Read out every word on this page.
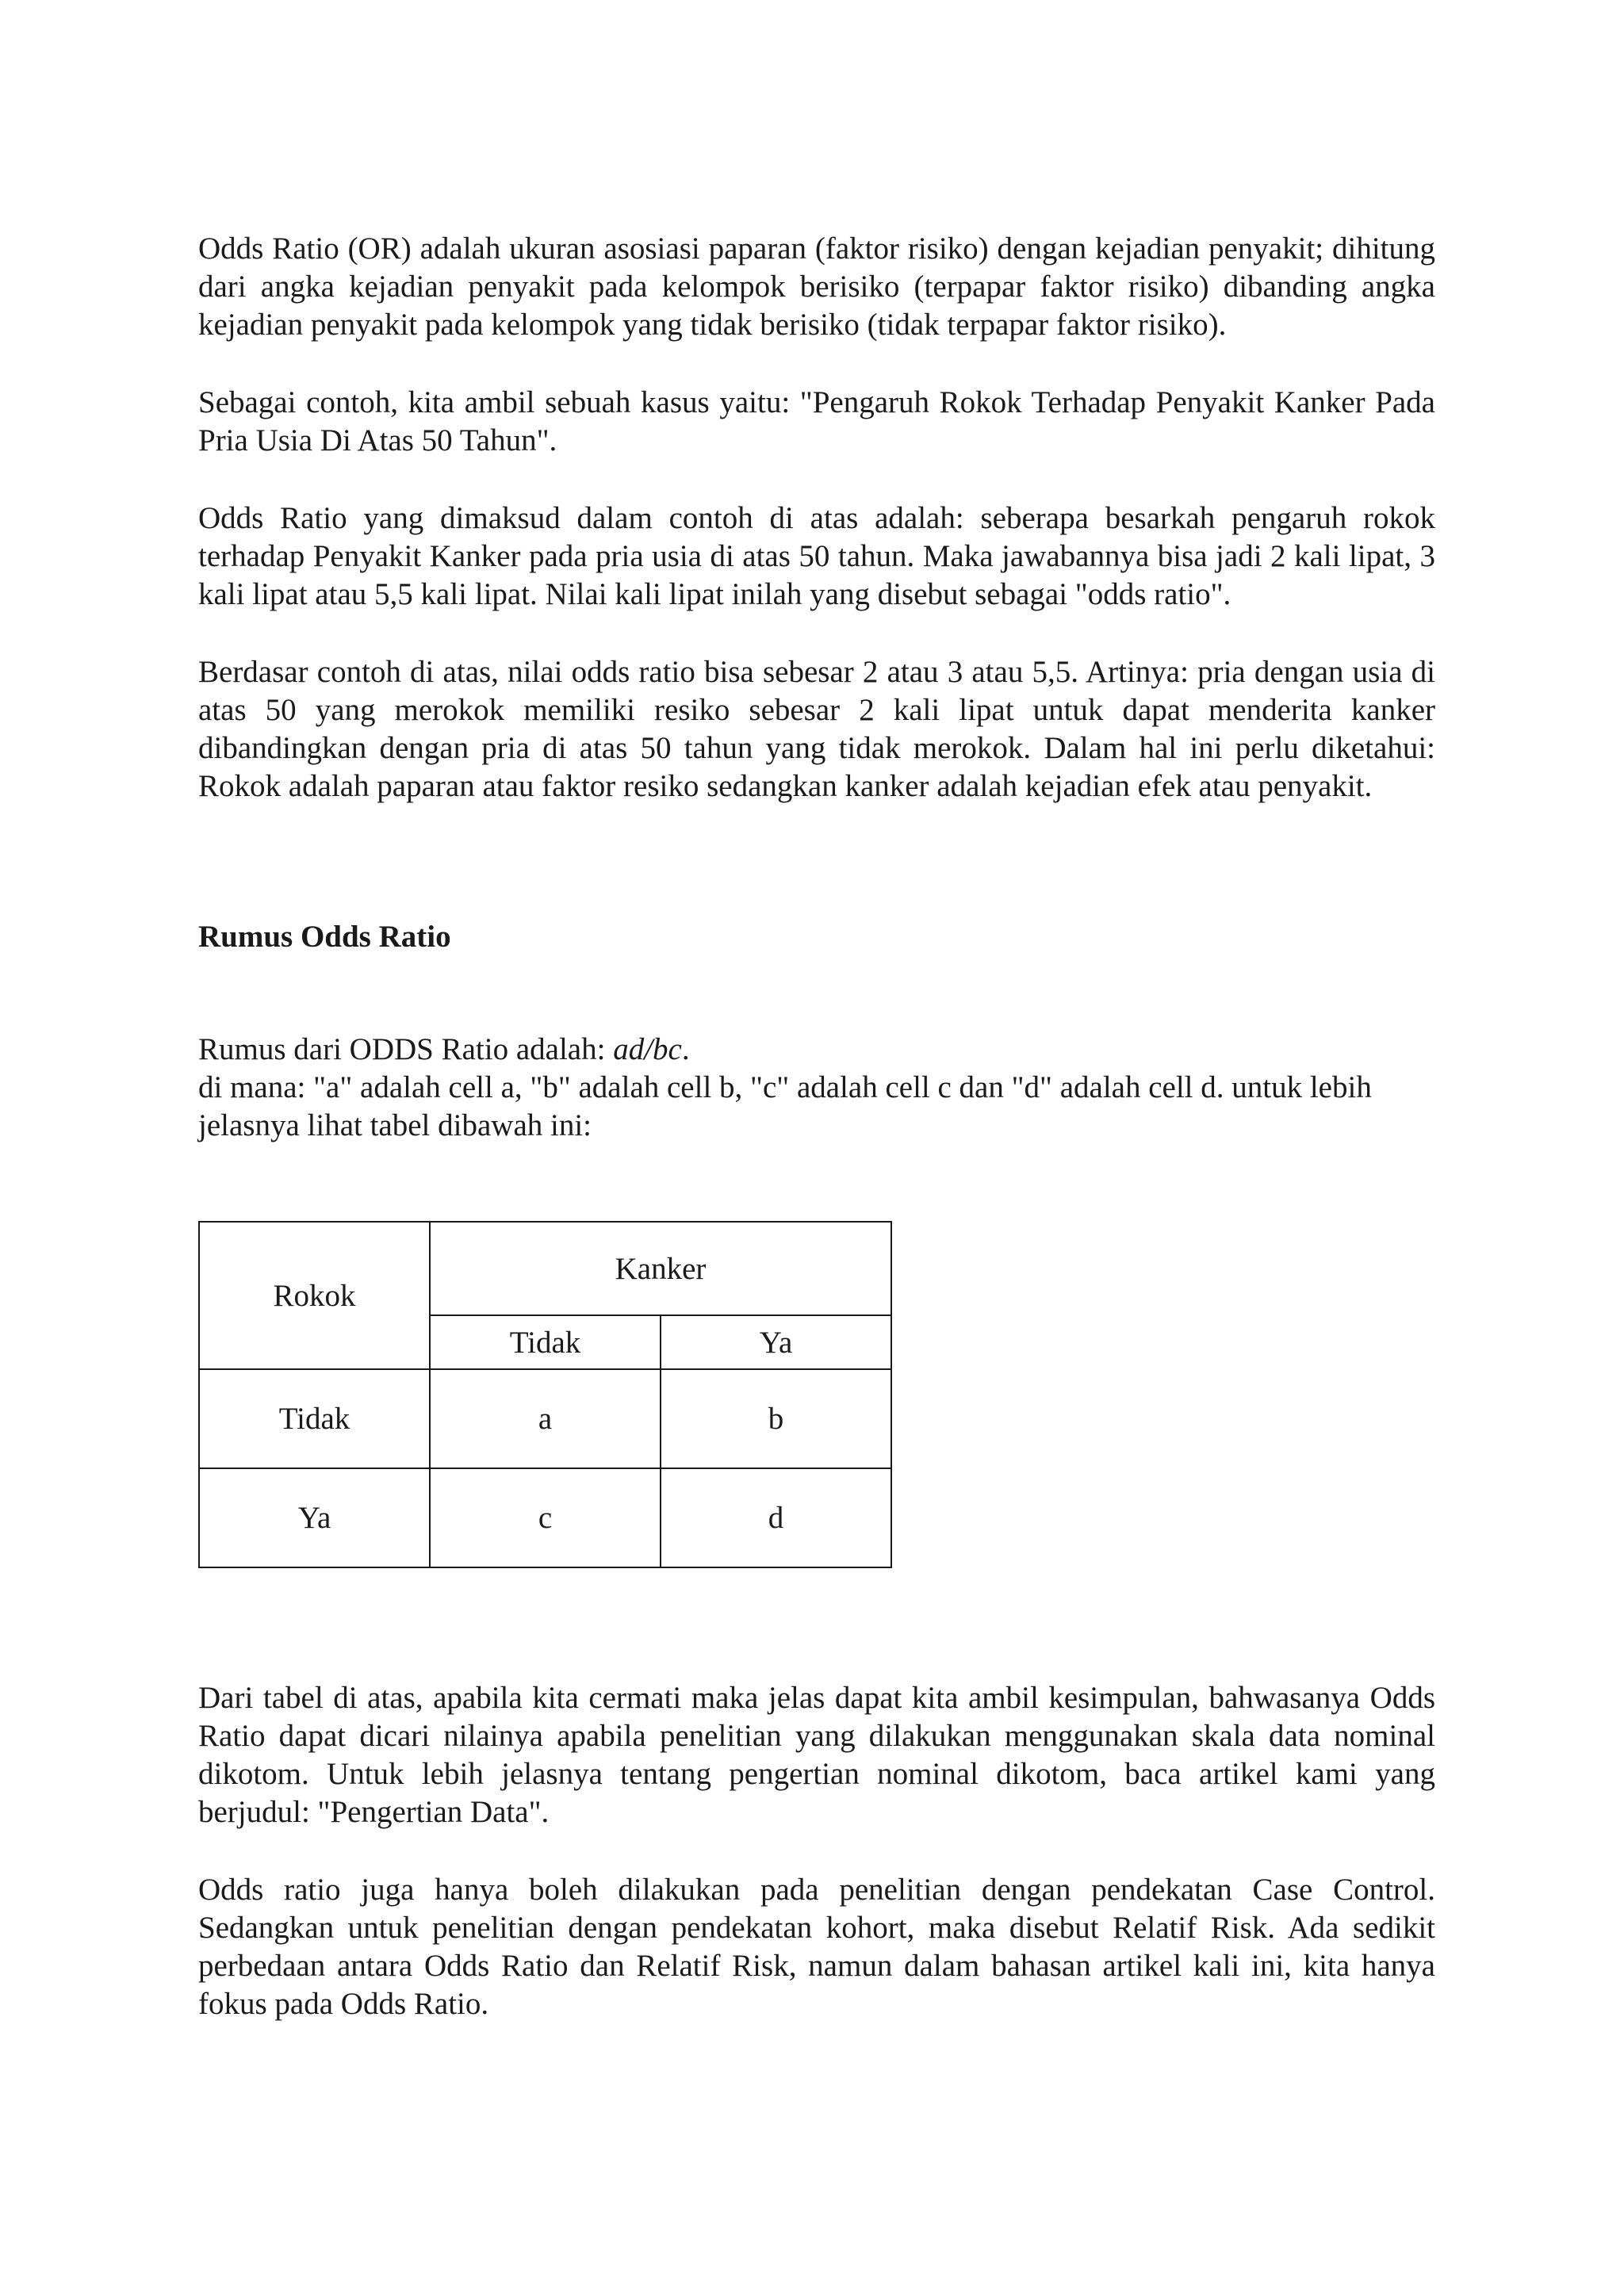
Odds Ratio (OR) adalah ukuran asosiasi paparan (faktor risiko) dengan kejadian penyakit; dihitung dari angka kejadian penyakit pada kelompok berisiko (terpapar faktor risiko) dibanding angka kejadian penyakit pada kelompok yang tidak berisiko (tidak terpapar faktor risiko).

Sebagai contoh, kita ambil sebuah kasus yaitu: "Pengaruh Rokok Terhadap Penyakit Kanker Pada Pria Usia Di Atas 50 Tahun".

Odds Ratio yang dimaksud dalam contoh di atas adalah: seberapa besarkah pengaruh rokok terhadap Penyakit Kanker pada pria usia di atas 50 tahun. Maka jawabannya bisa jadi 2 kali lipat, 3 kali lipat atau 5,5 kali lipat. Nilai kali lipat inilah yang disebut sebagai "odds ratio".

Berdasar contoh di atas, nilai odds ratio bisa sebesar 2 atau 3 atau 5,5. Artinya: pria dengan usia di atas 50 yang merokok memiliki resiko sebesar 2 kali lipat untuk dapat menderita kanker dibandingkan dengan pria di atas 50 tahun yang tidak merokok. Dalam hal ini perlu diketahui: Rokok adalah paparan atau faktor resiko sedangkan kanker adalah kejadian efek atau penyakit.

Rumus Odds Ratio

Rumus dari ODDS Ratio adalah: ad/bc.

di mana: "a" adalah cell a, "b" adalah cell b, "c" adalah cell c dan "d" adalah cell d. untuk lebih jelasnya lihat tabel dibawah ini:

Rokok	Kanker	
	Tidak	Ya
Tidak	a	b
Ya	c	d

Dari tabel di atas, apabila kita cermati maka jelas dapat kita ambil kesimpulan, bahwasanya Odds Ratio dapat dicari nilainya apabila penelitian yang dilakukan menggunakan skala data nominal dikotom. Untuk lebih jelasnya tentang pengertian nominal dikotom, baca artikel kami yang berjudul: "Pengertian Data".

Odds ratio juga hanya boleh dilakukan pada penelitian dengan pendekatan Case Control. Sedangkan untuk penelitian dengan pendekatan kohort, maka disebut Relatif Risk. Ada sedikit perbedaan antara Odds Ratio dan Relatif Risk, namun dalam bahasan artikel kali ini, kita hanya fokus pada Odds Ratio.
